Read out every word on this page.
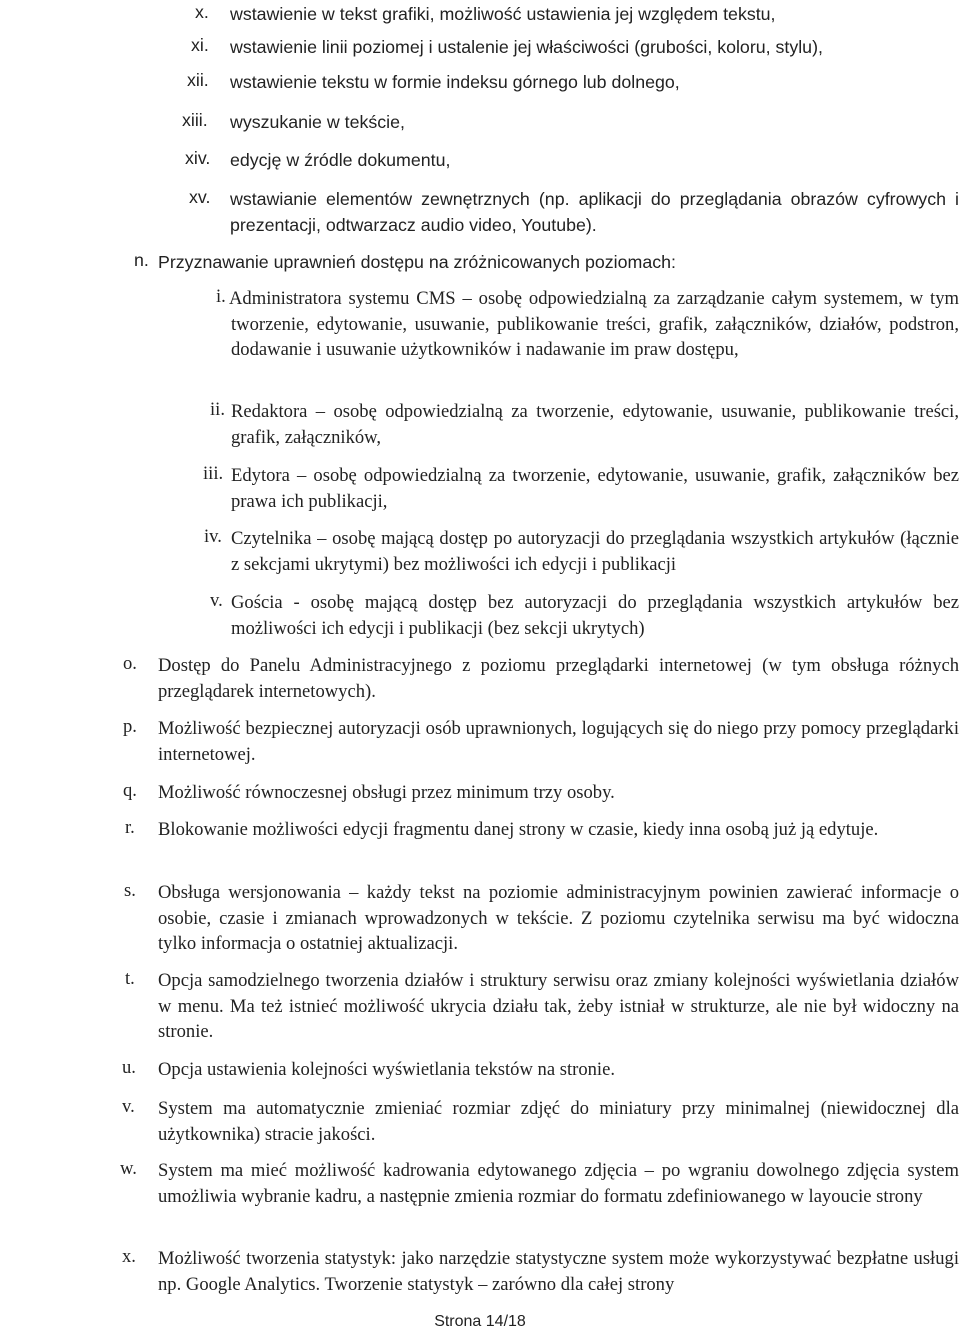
x. wstawienie w tekst grafiki, możliwość ustawienia jej względem tekstu,
xi. wstawienie linii poziomej i ustalenie jej właściwości (grubości, koloru, stylu),
xii. wstawienie tekstu w formie indeksu górnego lub dolnego,
xiii. wyszukanie w tekście,
xiv. edycję w źródle dokumentu,
xv. wstawianie elementów zewnętrznych (np. aplikacji do przeglądania obrazów cyfrowych i prezentacji, odtwarzacz audio video, Youtube).
n. Przyznawanie uprawnień dostępu na zróżnicowanych poziomach:
i. Administratora systemu CMS – osobę odpowiedzialną za zarządzanie całym systemem, w tym tworzenie, edytowanie, usuwanie, publikowanie treści, grafik, załączników, działów, podstron, dodawanie i usuwanie użytkowników i nadawanie im praw dostępu,
ii. Redaktora – osobę odpowiedzialną za tworzenie, edytowanie, usuwanie, publikowanie treści, grafik, załączników,
iii. Edytora – osobę odpowiedzialną za tworzenie, edytowanie, usuwanie, grafik, załączników bez prawa ich publikacji,
iv. Czytelnika – osobę mającą dostęp po autoryzacji do przeglądania wszystkich artykułów (łącznie z sekcjami ukrytymi) bez możliwości ich edycji i publikacji
v. Gościa - osobę mającą dostęp bez autoryzacji do przeglądania wszystkich artykułów bez możliwości ich edycji i publikacji (bez sekcji ukrytych)
o. Dostęp do Panelu Administracyjnego z poziomu przeglądarki internetowej (w tym obsługa różnych przeglądarek internetowych).
p. Możliwość bezpiecznej autoryzacji osób uprawnionych, logujących się do niego przy pomocy przeglądarki internetowej.
q. Możliwość równoczesnej obsługi przez minimum trzy osoby.
r. Blokowanie możliwości edycji fragmentu danej strony w czasie, kiedy inna osobą już ją edytuje.
s. Obsługa wersjonowania – każdy tekst na poziomie administracyjnym powinien zawierać informacje o osobie, czasie i zmianach wprowadzonych w tekście. Z poziomu czytelnika serwisu ma być widoczna tylko informacja o ostatniej aktualizacji.
t. Opcja samodzielnego tworzenia działów i struktury serwisu oraz zmiany kolejności wyświetlania działów w menu. Ma też istnieć możliwość ukrycia działu tak, żeby istniał w strukturze, ale nie był widoczny na stronie.
u. Opcja ustawienia kolejności wyświetlania tekstów na stronie.
v. System ma automatycznie zmieniać rozmiar zdjęć do miniatury przy minimalnej (niewidocznej dla użytkownika) stracie jakości.
w. System ma mieć możliwość kadrowania edytowanego zdjęcia – po wgraniu dowolnego zdjęcia system umożliwia wybranie kadru, a następnie zmienia rozmiar do formatu zdefiniowanego w layoucie strony
x. Możliwość tworzenia statystyk: jako narzędzie statystyczne system może wykorzystywać bezpłatne usługi np. Google Analytics. Tworzenie statystyk – zarówno dla całej strony
Strona 14/18
